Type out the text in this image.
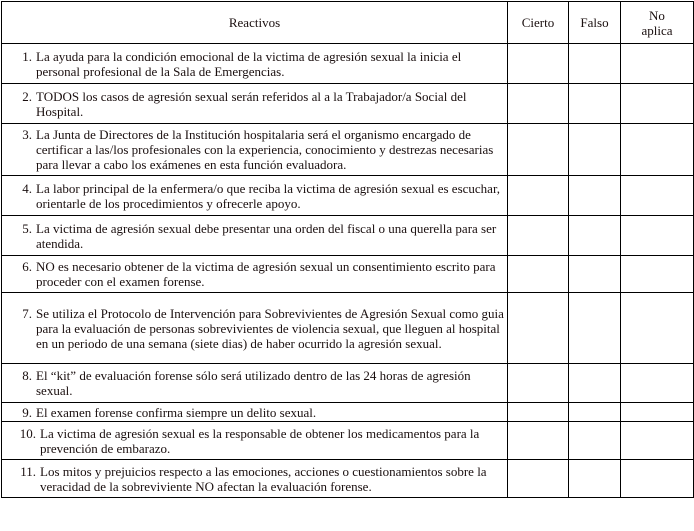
Reactivos	Cierto	Falso	No
aplica

1. La ayuda para la condición emocional de la victima de agresión sexual la inicia el personal profesional de la Sala de Emergencias.			

2. TODOS los casos de agresión sexual serán referidos al a la Trabajador/a Social del Hospital.			

3. La Junta de Directores de la Institución hospitalaria será el organismo encargado de certificar a las/los profesionales con la experiencia, conocimiento y destrezas necesarias para llevar a cabo los exámenes en esta función evaluadora.			

4. La labor principal de la enfermera/o que reciba la victima de agresión sexual es escuchar, orientarle de los procedimientos y ofrecerle apoyo.			

5. La victima de agresión sexual debe presentar una orden del fiscal o una querella para ser atendida.			

6. NO es necesario obtener de la victima de agresión sexual un consentimiento escrito para proceder con el examen forense.			

7. Se utiliza el Protocolo de Intervención para Sobrevivientes de Agresión Sexual como guia para la evaluación de personas sobrevivientes de violencia sexual, que lleguen al hospital en un periodo de una semana (siete dias) de haber ocurrido la agresión sexual.			

8. El “kit” de evaluación forense sólo será utilizado dentro de las 24 horas de agresión sexual.			

9. El examen forense confirma siempre un delito sexual.			

10. La victima de agresión sexual es la responsable de obtener los medicamentos para la prevención de embarazo.			

11. Los mitos y prejuicios respecto a las emociones, acciones o cuestionamientos sobre la veracidad de la sobreviviente NO afectan la evaluación forense.			
